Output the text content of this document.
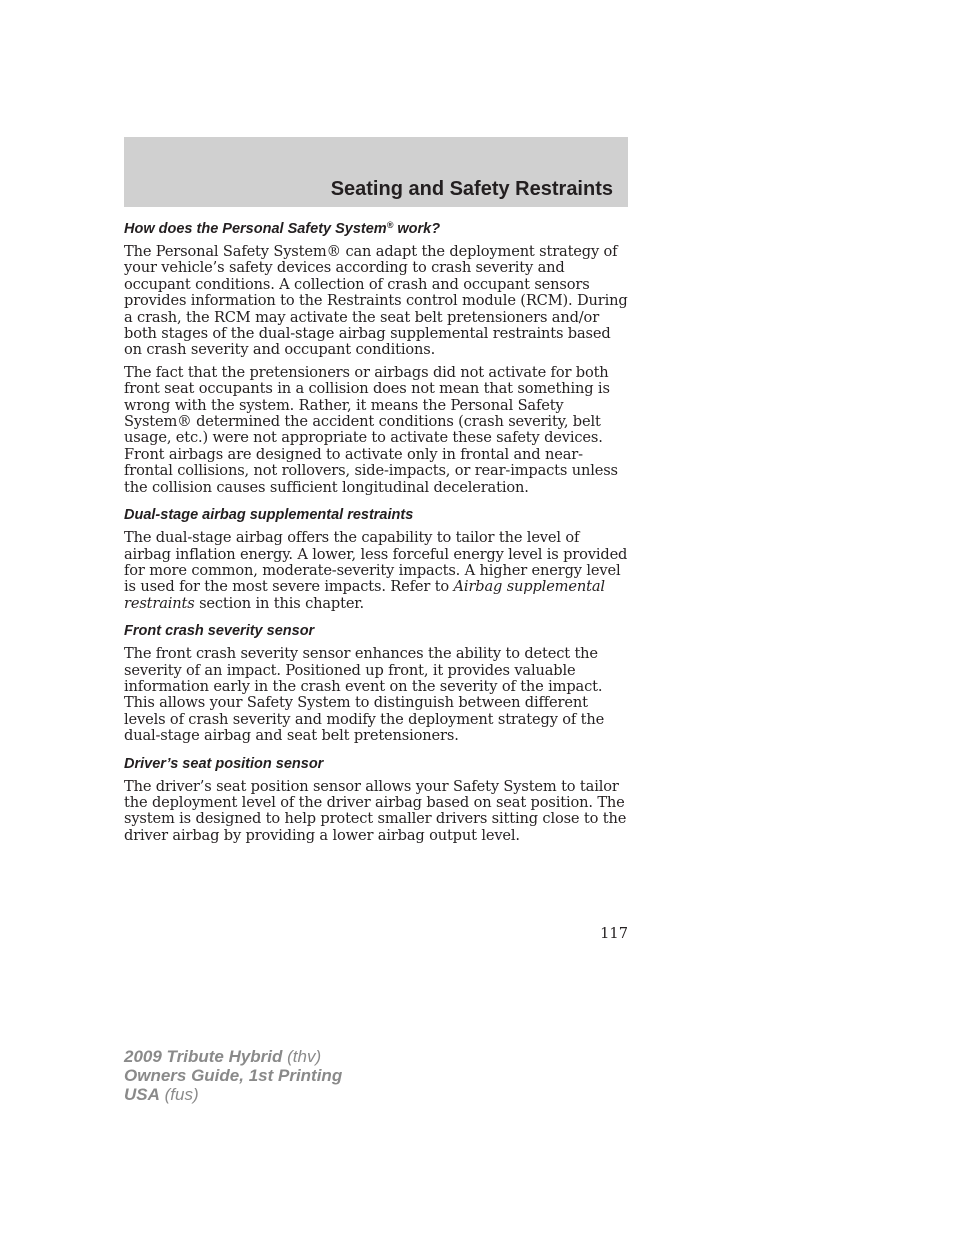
Seating and Safety Restraints
How does the Personal Safety System® work?

The Personal Safety System® can adapt the deployment strategy of your vehicle’s safety devices according to crash severity and occupant conditions. A collection of crash and occupant sensors provides information to the Restraints control module (RCM). During a crash, the RCM may activate the seat belt pretensioners and/or both stages of the dual-stage airbag supplemental restraints based on crash severity and occupant conditions.

The fact that the pretensioners or airbags did not activate for both front seat occupants in a collision does not mean that something is wrong with the system. Rather, it means the Personal Safety System® determined the accident conditions (crash severity, belt usage, etc.) were not appropriate to activate these safety devices. Front airbags are designed to activate only in frontal and near-frontal collisions, not rollovers, side-impacts, or rear-impacts unless the collision causes sufficient longitudinal deceleration.

Dual-stage airbag supplemental restraints

The dual-stage airbag offers the capability to tailor the level of airbag inflation energy. A lower, less forceful energy level is provided for more common, moderate-severity impacts. A higher energy level is used for the most severe impacts. Refer to Airbag supplemental restraints section in this chapter.

Front crash severity sensor

The front crash severity sensor enhances the ability to detect the severity of an impact. Positioned up front, it provides valuable information early in the crash event on the severity of the impact. This allows your Safety System to distinguish between different levels of crash severity and modify the deployment strategy of the dual-stage airbag and seat belt pretensioners.

Driver’s seat position sensor

The driver’s seat position sensor allows your Safety System to tailor the deployment level of the driver airbag based on seat position. The system is designed to help protect smaller drivers sitting close to the driver airbag by providing a lower airbag output level.

117
2009 Tribute Hybrid (thv)
Owners Guide, 1st Printing
USA (fus)
